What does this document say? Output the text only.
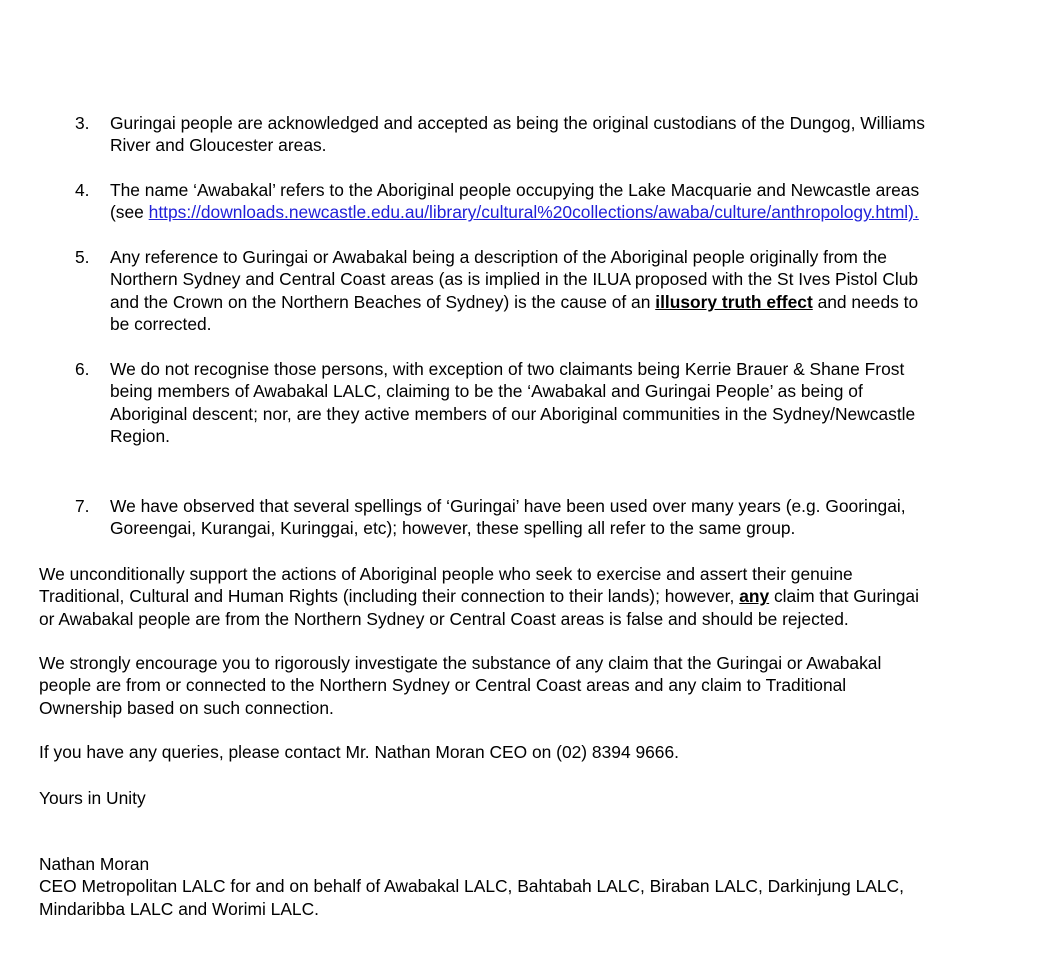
3.	Guringai people are acknowledged and accepted as being the original custodians of the Dungog, Williams
River and Gloucester areas.
4.	The name ‘Awabakal’ refers to the Aboriginal people occupying the Lake Macquarie and Newcastle areas
(see https://downloads.newcastle.edu.au/library/cultural%20collections/awaba/culture/anthropology.html).
5.	Any reference to Guringai or Awabakal being a description of the Aboriginal people originally from the
Northern Sydney and Central Coast areas (as is implied in the ILUA proposed with the St Ives Pistol Club
and the Crown on the Northern Beaches of Sydney) is the cause of an illusory truth effect and needs to
be corrected.
6.	We do not recognise those persons, with exception of two claimants being Kerrie Brauer & Shane Frost
being members of Awabakal LALC, claiming to be the ‘Awabakal and Guringai People’ as being of
Aboriginal descent; nor, are they active members of our Aboriginal communities in the Sydney/Newcastle
Region.
7.	We have observed that several spellings of ‘Guringai’ have been used over many years (e.g. Gooringai,
Goreengai, Kurangai, Kuringgai, etc); however, these spelling all refer to the same group.
We unconditionally support the actions of Aboriginal people who seek to exercise and assert their genuine
Traditional, Cultural and Human Rights (including their connection to their lands); however, any claim that Guringai
or Awabakal people are from the Northern Sydney or Central Coast areas is false and should be rejected.
We strongly encourage you to rigorously investigate the substance of any claim that the Guringai or Awabakal
people are from or connected to the Northern Sydney or Central Coast areas and any claim to Traditional
Ownership based on such connection.
If you have any queries, please contact Mr. Nathan Moran CEO on (02) 8394 9666.
Yours in Unity
Nathan Moran
CEO Metropolitan LALC for and on behalf of Awabakal LALC, Bahtabah LALC, Biraban LALC, Darkinjung LALC,
Mindaribba LALC and Worimi LALC.
